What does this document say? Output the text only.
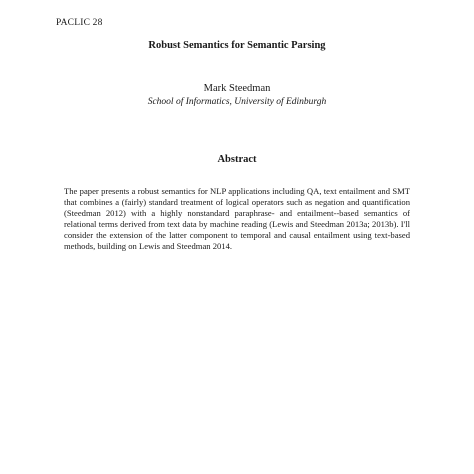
PACLIC 28
Robust Semantics for Semantic Parsing
Mark Steedman
School of Informatics, University of Edinburgh
Abstract
The paper presents a robust semantics for NLP applications including QA, text entailment and SMT that combines a (fairly) standard treatment of logical operators such as negation and quantification (Steedman 2012) with a highly nonstandard paraphrase- and entailment--based semantics of relational terms derived from text data by machine reading (Lewis and Steedman 2013a; 2013b). I'll consider the extension of the latter component to temporal and causal entailment using text-based methods, building on Lewis and Steedman 2014.
